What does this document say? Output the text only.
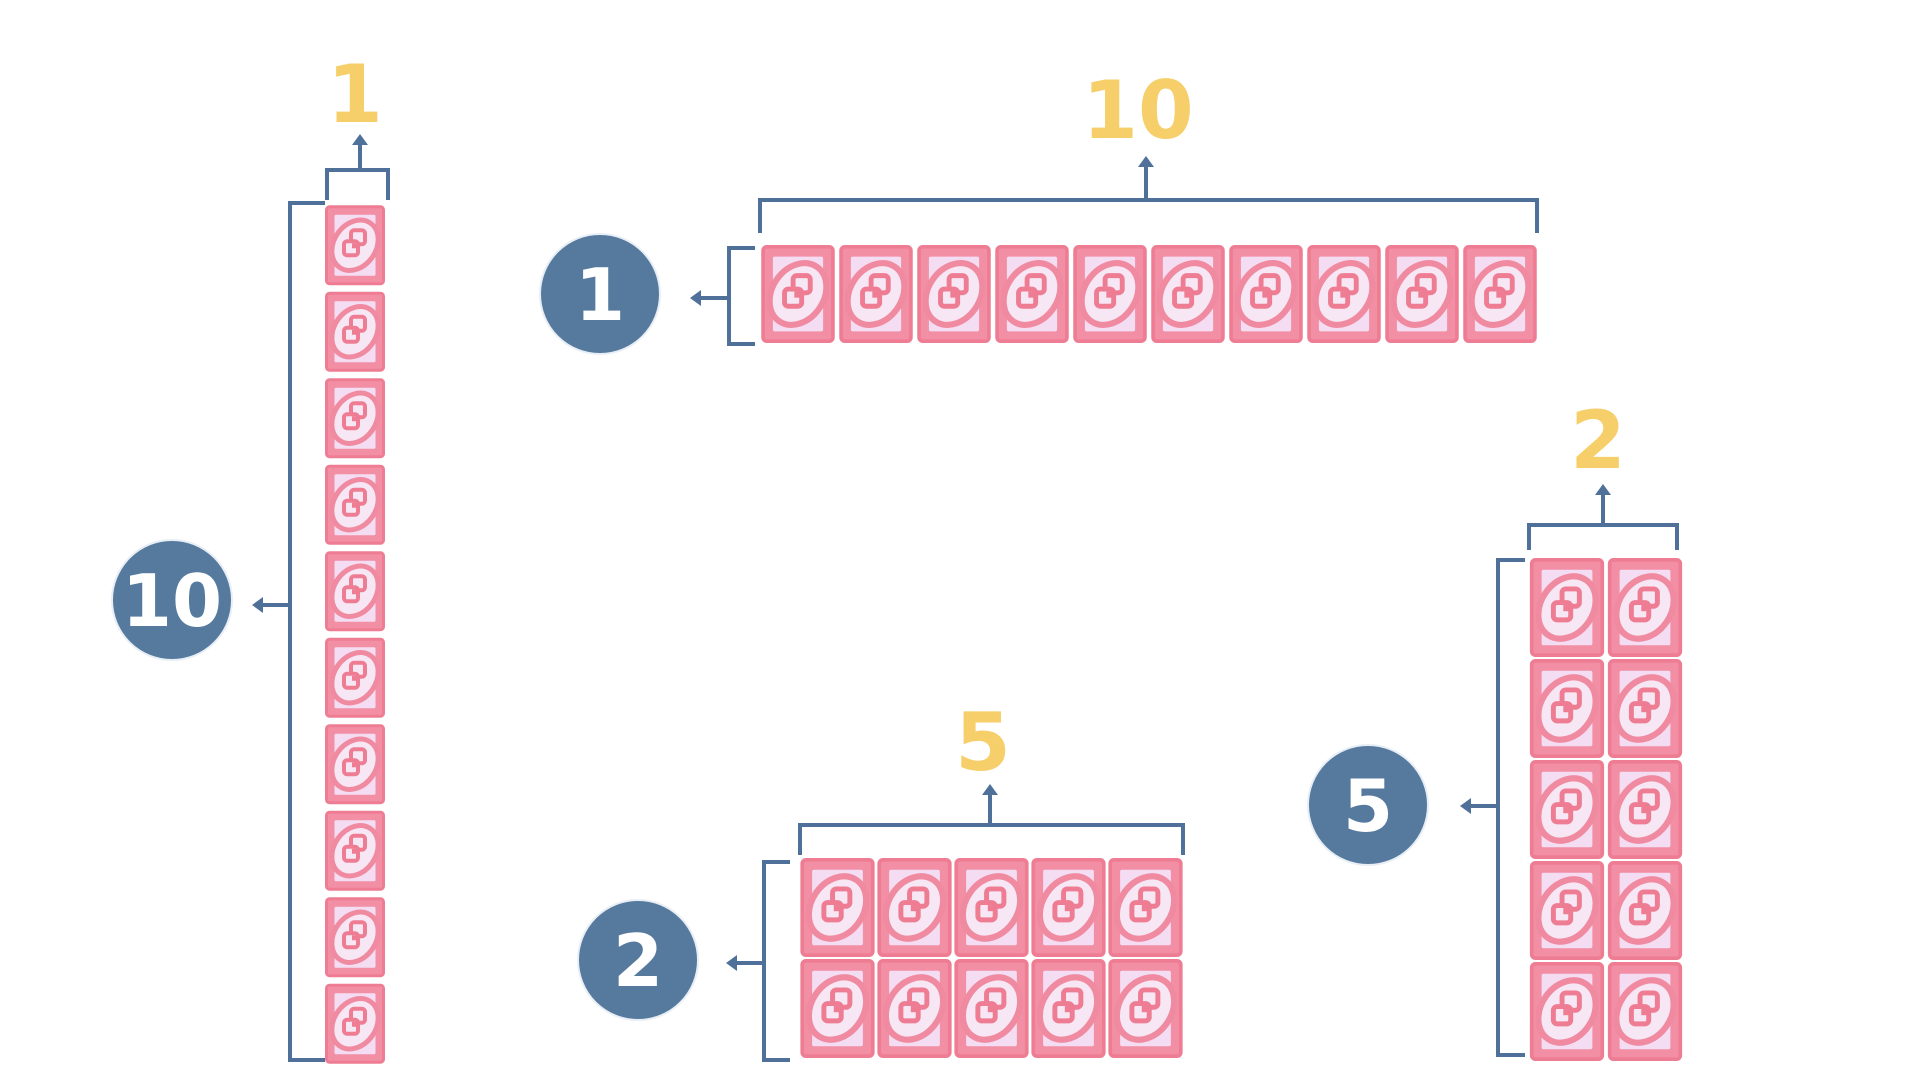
10
1
1
10
2
5
5
2
